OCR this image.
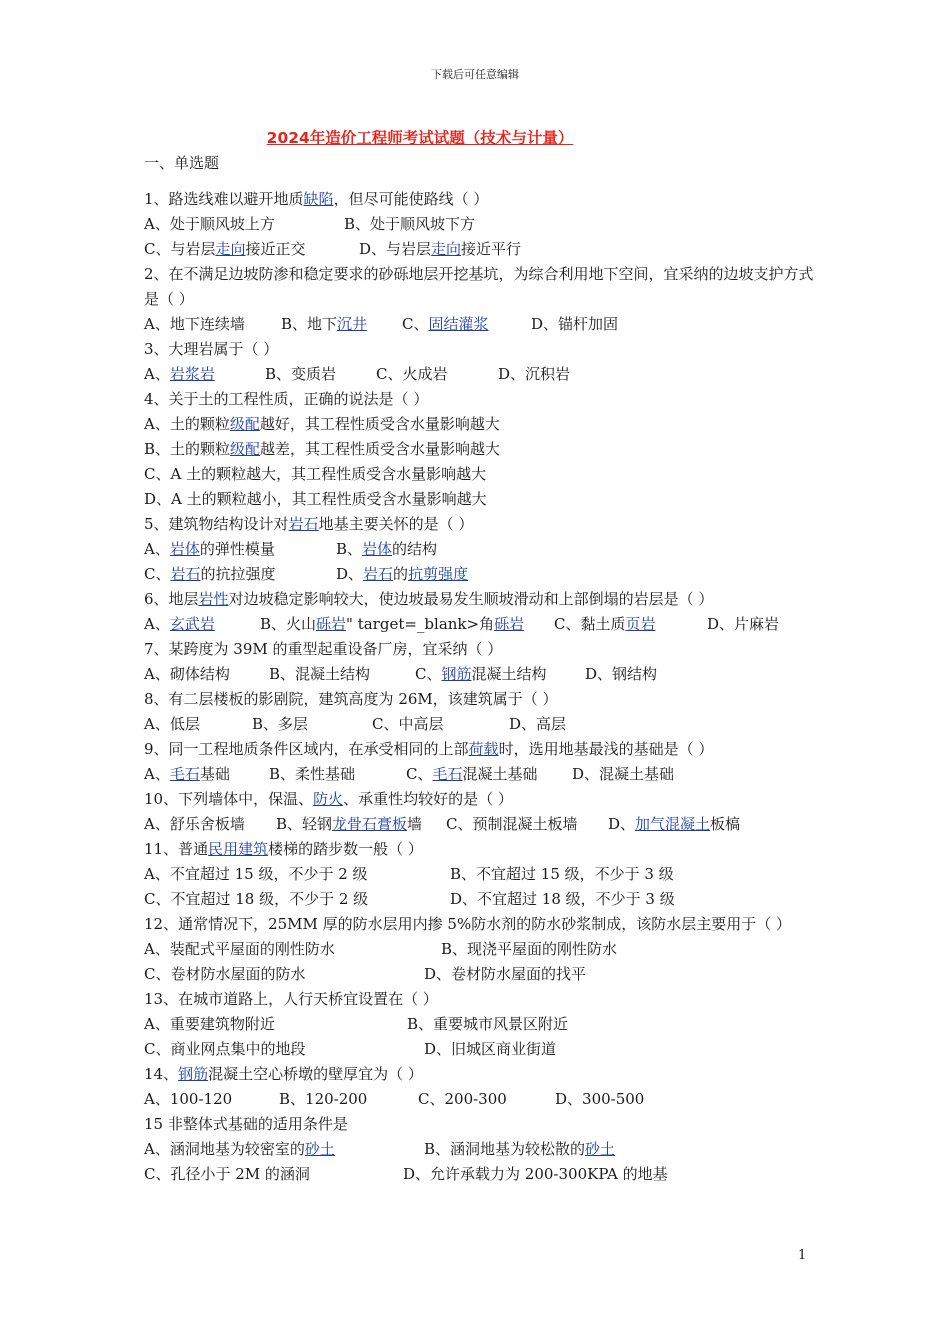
下载后可任意编辑
2024年造价工程师考试试题（技术与计量）
一、单选题
1、路选线难以避开地质缺陷，但尽可能使路线（ ）
A、处于顺风坡上方	B、处于顺风坡下方
C、与岩层走向接近正交	D、与岩层走向接近平行
2、在不满足边坡防渗和稳定要求的砂砾地层开挖基坑，为综合利用地下空间，宜采纳的边坡支护方式是（ ）
A、地下连续墙 B、地下沉井 C、固结灌浆	D、锚杆加固
3、大理岩属于（ ）
A、岩浆岩	B、变质岩	C、火成岩	D、沉积岩
4、关于土的工程性质，正确的说法是（ ）
A、土的颗粒级配越好，其工程性质受含水量影响越大
B、土的颗粒级配越差，其工程性质受含水量影响越大
C、A 土的颗粒越大，其工程性质受含水量影响越大
D、A 土的颗粒越小，其工程性质受含水量影响越大
5、建筑物结构设计对岩石地基主要关怀的是（ ）
A、岩体的弹性模量	B、岩体的结构
C、岩石的抗拉强度	D、岩石的抗剪强度
6、地层岩性对边坡稳定影响较大，使边坡最易发生顺坡滑动和上部倒塌的岩层是（ ）
A、玄武岩	B、火山砾岩" target=_blank>角砾岩 C、黏土质页岩	D、片麻岩
7、某跨度为 39M 的重型起重设备厂房，宜采纳（ ）
A、砌体结构	B、混凝土结构	C、钢筋混凝土结构	D、钢结构
8、有二层楼板的影剧院，建筑高度为 26M，该建筑属于（ ）
A、低层	B、多层	C、中高层	D、高层
9、同一工程地质条件区域内，在承受相同的上部荷载时，选用地基最浅的基础是（ ）
A、毛石基础	B、柔性基础	C、毛石混凝土基础 D、混凝土基础
10、下列墙体中，保温、防火、承重性均较好的是（ ）
A、舒乐舍板墙 B、轻钢龙骨石膏板墙 C、预制混凝土板墙 D、加气混凝土板槁
11、普通民用建筑楼梯的踏步数一般（ ）
A、不宜超过 15 级，不少于 2 级	B、不宜超过 15 级，不少于 3 级
C、不宜超过 18 级，不少于 2 级	D、不宜超过 18 级，不少于 3 级
12、通常情况下，25MM 厚的防水层用内掺 5%防水剂的防水砂浆制成，该防水层主要用于（ ）
A、装配式平屋面的刚性防水	B、现浇平屋面的刚性防水
C、卷材防水屋面的防水	D、卷材防水屋面的找平
13、在城市道路上，人行天桥宜设置在（ ）
A、重要建筑物附近	B、重要城市风景区附近
C、商业网点集中的地段	D、旧城区商业街道
14、钢筋混凝土空心桥墩的壁厚宜为（ ）
A、100-120	B、120-200	C、200-300	D、300-500
15 非整体式基础的适用条件是
A、涵洞地基为较密室的砂土	B、涵洞地基为较松散的砂土
C、孔径小于 2M 的涵洞	D、允许承载力为 200-300KPA 的地基
1
